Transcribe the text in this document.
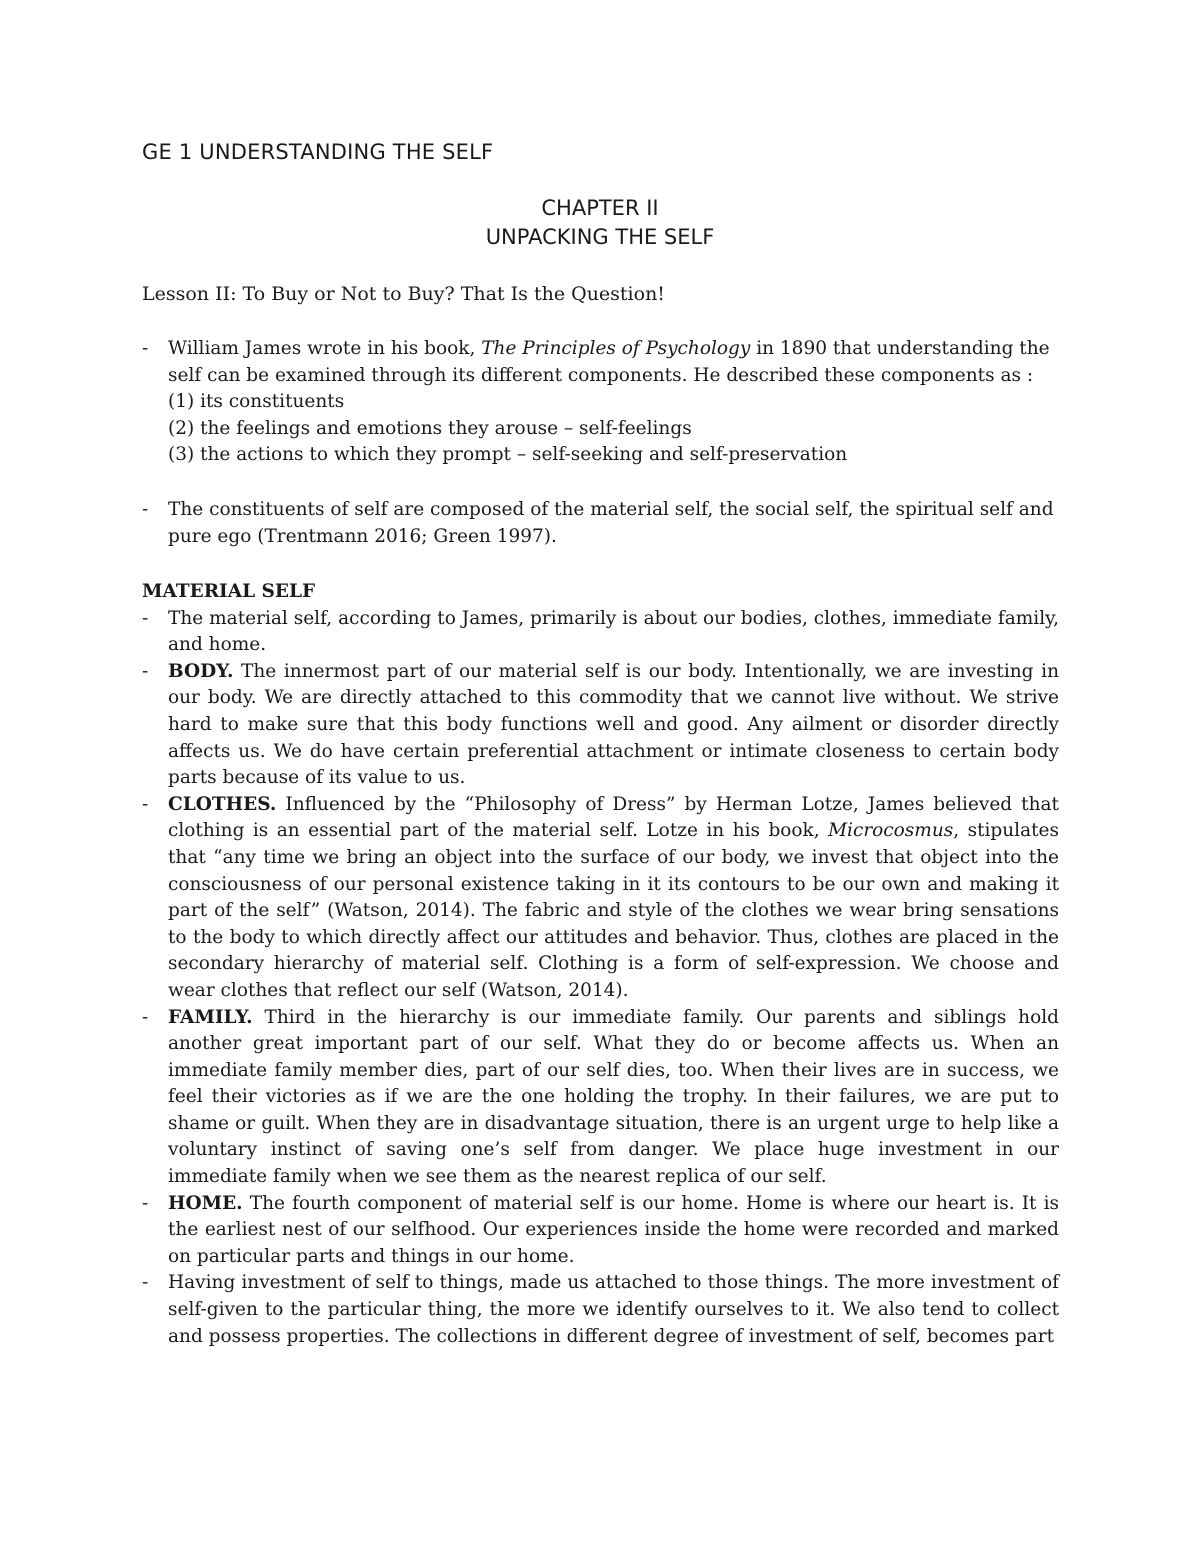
GE 1 UNDERSTANDING THE SELF
CHAPTER II
UNPACKING THE SELF
Lesson II: To Buy or Not to Buy? That Is the Question!
- William James wrote in his book, The Principles of Psychology in 1890 that understanding the self can be examined through its different components. He described these components as :
(1) its constituents
(2) the feelings and emotions they arouse – self-feelings
(3) the actions to which they prompt – self-seeking and self-preservation
- The constituents of self are composed of the material self, the social self, the spiritual self and pure ego (Trentmann 2016; Green 1997).
MATERIAL SELF
- The material self, according to James, primarily is about our bodies, clothes, immediate family, and home.
- BODY. The innermost part of our material self is our body. Intentionally, we are investing in our body. We are directly attached to this commodity that we cannot live without. We strive hard to make sure that this body functions well and good. Any ailment or disorder directly affects us. We do have certain preferential attachment or intimate closeness to certain body parts because of its value to us.
- CLOTHES. Influenced by the “Philosophy of Dress” by Herman Lotze, James believed that clothing is an essential part of the material self. Lotze in his book, Microcosmus, stipulates that “any time we bring an object into the surface of our body, we invest that object into the consciousness of our personal existence taking in it its contours to be our own and making it part of the self” (Watson, 2014). The fabric and style of the clothes we wear bring sensations to the body to which directly affect our attitudes and behavior. Thus, clothes are placed in the secondary hierarchy of material self. Clothing is a form of self-expression. We choose and wear clothes that reflect our self (Watson, 2014).
- FAMILY. Third in the hierarchy is our immediate family. Our parents and siblings hold another great important part of our self. What they do or become affects us. When an immediate family member dies, part of our self dies, too. When their lives are in success, we feel their victories as if we are the one holding the trophy. In their failures, we are put to shame or guilt. When they are in disadvantage situation, there is an urgent urge to help like a voluntary instinct of saving one’s self from danger. We place huge investment in our immediate family when we see them as the nearest replica of our self.
- HOME. The fourth component of material self is our home. Home is where our heart is. It is the earliest nest of our selfhood. Our experiences inside the home were recorded and marked on particular parts and things in our home.
- Having investment of self to things, made us attached to those things. The more investment of self-given to the particular thing, the more we identify ourselves to it. We also tend to collect and possess properties. The collections in different degree of investment of self, becomes part
